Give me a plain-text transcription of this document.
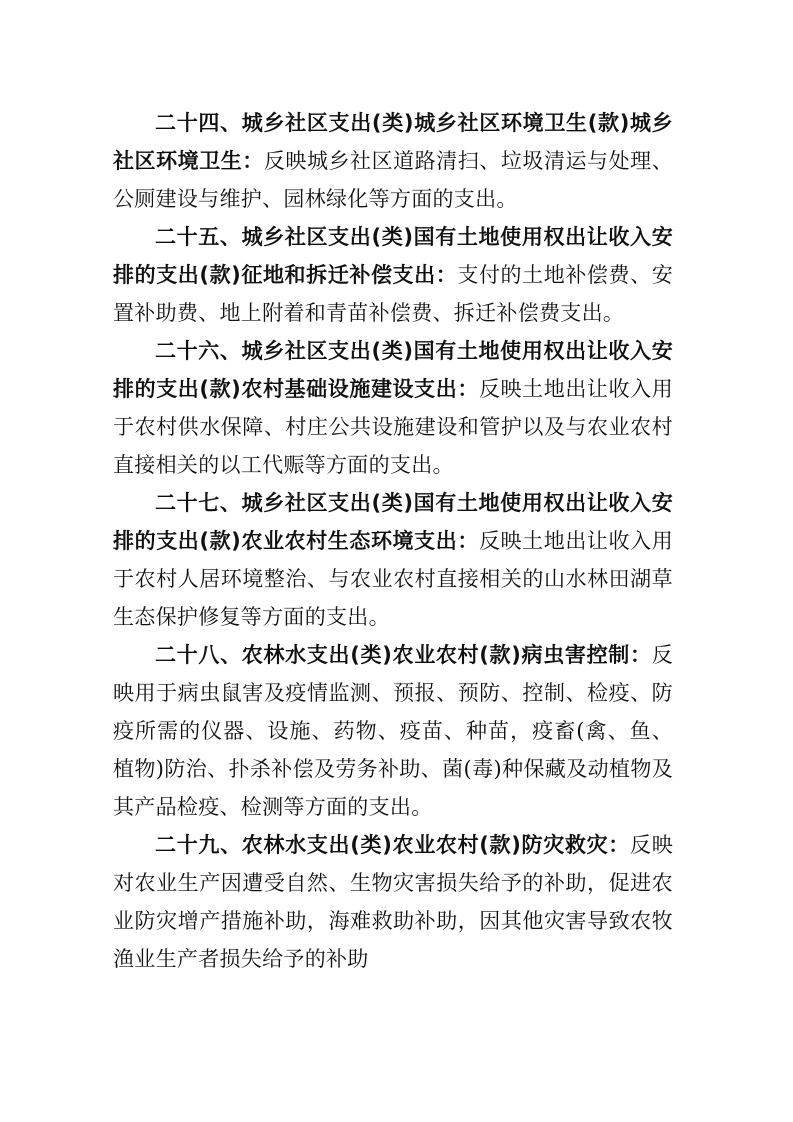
二十四、城乡社区支出(类)城乡社区环境卫生(款)城乡社区环境卫生：反映城乡社区道路清扫、垃圾清运与处理、公厕建设与维护、园林绿化等方面的支出。

二十五、城乡社区支出(类)国有土地使用权出让收入安排的支出(款)征地和拆迁补偿支出：支付的土地补偿费、安置补助费、地上附着和青苗补偿费、拆迁补偿费支出。

二十六、城乡社区支出(类)国有土地使用权出让收入安排的支出(款)农村基础设施建设支出：反映土地出让收入用于农村供水保障、村庄公共设施建设和管护以及与农业农村直接相关的以工代赈等方面的支出。

二十七、城乡社区支出(类)国有土地使用权出让收入安排的支出(款)农业农村生态环境支出：反映土地出让收入用于农村人居环境整治、与农业农村直接相关的山水林田湖草生态保护修复等方面的支出。

二十八、农林水支出(类)农业农村(款)病虫害控制：反映用于病虫鼠害及疫情监测、预报、预防、控制、检疫、防疫所需的仪器、设施、药物、疫苗、种苗，疫畜(禽、鱼、植物)防治、扑杀补偿及劳务补助、菌(毒)种保藏及动植物及其产品检疫、检测等方面的支出。

二十九、农林水支出(类)农业农村(款)防灾救灾：反映对农业生产因遭受自然、生物灾害损失给予的补助，促进农业防灾增产措施补助，海难救助补助，因其他灾害导致农牧渔业生产者损失给予的补助
